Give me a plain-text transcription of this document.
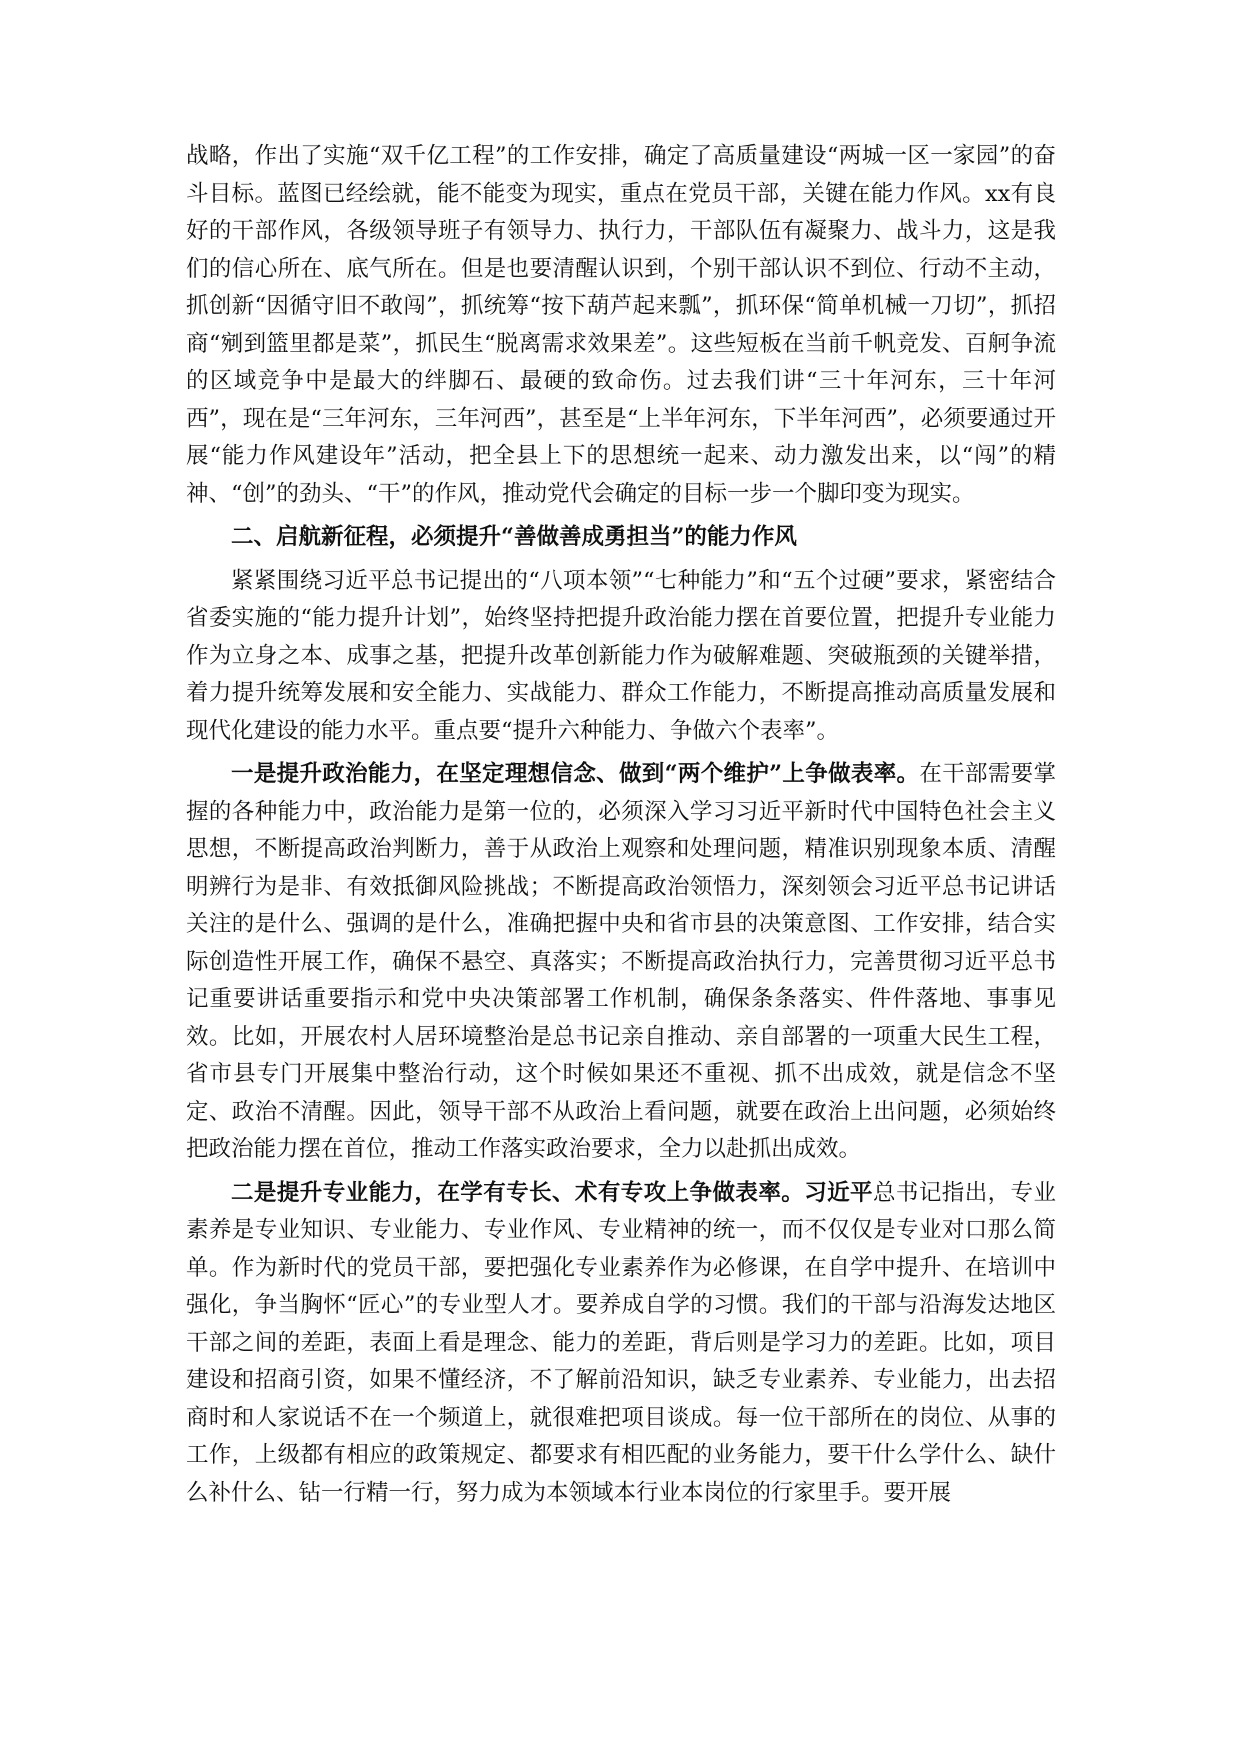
战略，作出了实施“双千亿工程”的工作安排，确定了高质量建设“两城一区一家园”的奋斗目标。蓝图已经绘就，能不能变为现实，重点在党员干部，关键在能力作风。xx有良好的干部作风，各级领导班子有领导力、执行力，干部队伍有凝聚力、战斗力，这是我们的信心所在、底气所在。但是也要清醒认识到，个别干部认识不到位、行动不主动，抓创新“因循守旧不敢闯”，抓统筹“按下葫芦起来瓢”，抓环保“简单机械一刀切”，抓招商“剜到篮里都是菜”，抓民生“脱离需求效果差”。这些短板在当前千帆竞发、百舸争流的区域竞争中是最大的绊脚石、最硬的致命伤。过去我们讲“三十年河东，三十年河西”，现在是“三年河东，三年河西”，甚至是“上半年河东，下半年河西”，必须要通过开展“能力作风建设年”活动，把全县上下的思想统一起来、动力激发出来，以“闯”的精神、“创”的劲头、“干”的作风，推动党代会确定的目标一步一个脚印变为现实。

二、启航新征程，必须提升“善做善成勇担当”的能力作风

紧紧围绕习近平总书记提出的“八项本领”“七种能力”和“五个过硬”要求，紧密结合省委实施的“能力提升计划”，始终坚持把提升政治能力摆在首要位置，把提升专业能力作为立身之本、成事之基，把提升改革创新能力作为破解难题、突破瓶颈的关键举措，着力提升统筹发展和安全能力、实战能力、群众工作能力，不断提高推动高质量发展和现代化建设的能力水平。重点要“提升六种能力、争做六个表率”。

一是提升政治能力，在坚定理想信念、做到“两个维护”上争做表率。在干部需要掌握的各种能力中，政治能力是第一位的，必须深入学习习近平新时代中国特色社会主义思想，不断提高政治判断力，善于从政治上观察和处理问题，精准识别现象本质、清醒明辨行为是非、有效抵御风险挑战；不断提高政治领悟力，深刻领会习近平总书记讲话关注的是什么、强调的是什么，准确把握中央和省市县的决策意图、工作安排，结合实际创造性开展工作，确保不悬空、真落实；不断提高政治执行力，完善贯彻习近平总书记重要讲话重要指示和党中央决策部署工作机制，确保条条落实、件件落地、事事见效。比如，开展农村人居环境整治是总书记亲自推动、亲自部署的一项重大民生工程，省市县专门开展集中整治行动，这个时候如果还不重视、抓不出成效，就是信念不坚定、政治不清醒。因此，领导干部不从政治上看问题，就要在政治上出问题，必须始终把政治能力摆在首位，推动工作落实政治要求，全力以赴抓出成效。

二是提升专业能力，在学有专长、术有专攻上争做表率。习近平总书记指出，专业素养是专业知识、专业能力、专业作风、专业精神的统一，而不仅仅是专业对口那么简单。作为新时代的党员干部，要把强化专业素养作为必修课，在自学中提升、在培训中强化，争当胸怀“匠心”的专业型人才。要养成自学的习惯。我们的干部与沿海发达地区干部之间的差距，表面上看是理念、能力的差距，背后则是学习力的差距。比如，项目建设和招商引资，如果不懂经济，不了解前沿知识，缺乏专业素养、专业能力，出去招商时和人家说话不在一个频道上，就很难把项目谈成。每一位干部所在的岗位、从事的工作，上级都有相应的政策规定、都要求有相匹配的业务能力，要干什么学什么、缺什么补什么、钻一行精一行，努力成为本领域本行业本岗位的行家里手。要开展
